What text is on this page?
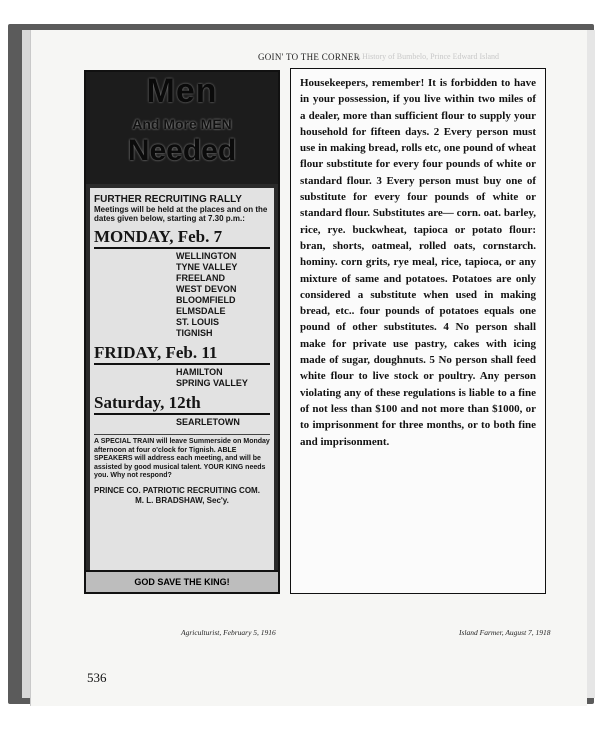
GOIN' TO THE CORNER
A History of Bumbelo, Prince Edward Island
Agriculturist, February 5, 1916	Island Farmer, August 7, 1918
536
Men
And More MEN
Needed
FURTHER RECRUITING RALLY
Meetings will be held at the places and on the dates given below, starting at 7.30 p.m.:
MONDAY, Feb. 7
WELLINGTON
TYNE VALLEY
FREELAND
WEST DEVON
BLOOMFIELD
ELMSDALE
ST. LOUIS
TIGNISH
FRIDAY, Feb. 11
HAMILTON
SPRING VALLEY
Saturday, 12th
SEARLETOWN
A SPECIAL TRAIN will leave Summerside on Monday afternoon at four o'clock for Tignish. ABLE SPEAKERS will address each meeting, and will be assisted by good musical talent. YOUR KING needs you. Why not respond?
PRINCE CO. PATRIOTIC RECRUITING COM.
M. L. BRADSHAW, Sec'y.
GOD SAVE THE KING!

Housekeepers, remember! It is forbidden to have in your possession, if you live within two miles of a dealer, more than sufficient flour to supply your household for fifteen days. 2 Every person must use in making bread, rolls etc, one pound of wheat flour substitute for every four pounds of white or standard flour. 3 Every person must buy one of substitute for every four pounds of white or standard flour. Substitutes are— corn. oat. barley, rice, rye. buckwheat, tapioca or potato flour: bran, shorts, oatmeal, rolled oats, cornstarch. hominy. corn grits, rye meal, rice, tapioca, or any mixture of same and potatoes. Potatoes are only considered a substitute when used in making bread, etc.. four pounds of potatoes equals one pound of other substitutes. 4 No person shall make for private use pastry, cakes with icing made of sugar, doughnuts. 5 No person shall feed white flour to live stock or poultry. Any person violating any of these regulations is liable to a fine of not less than $100 and not more than $1000, or to imprisonment for three months, or to both fine and imprisonment.
